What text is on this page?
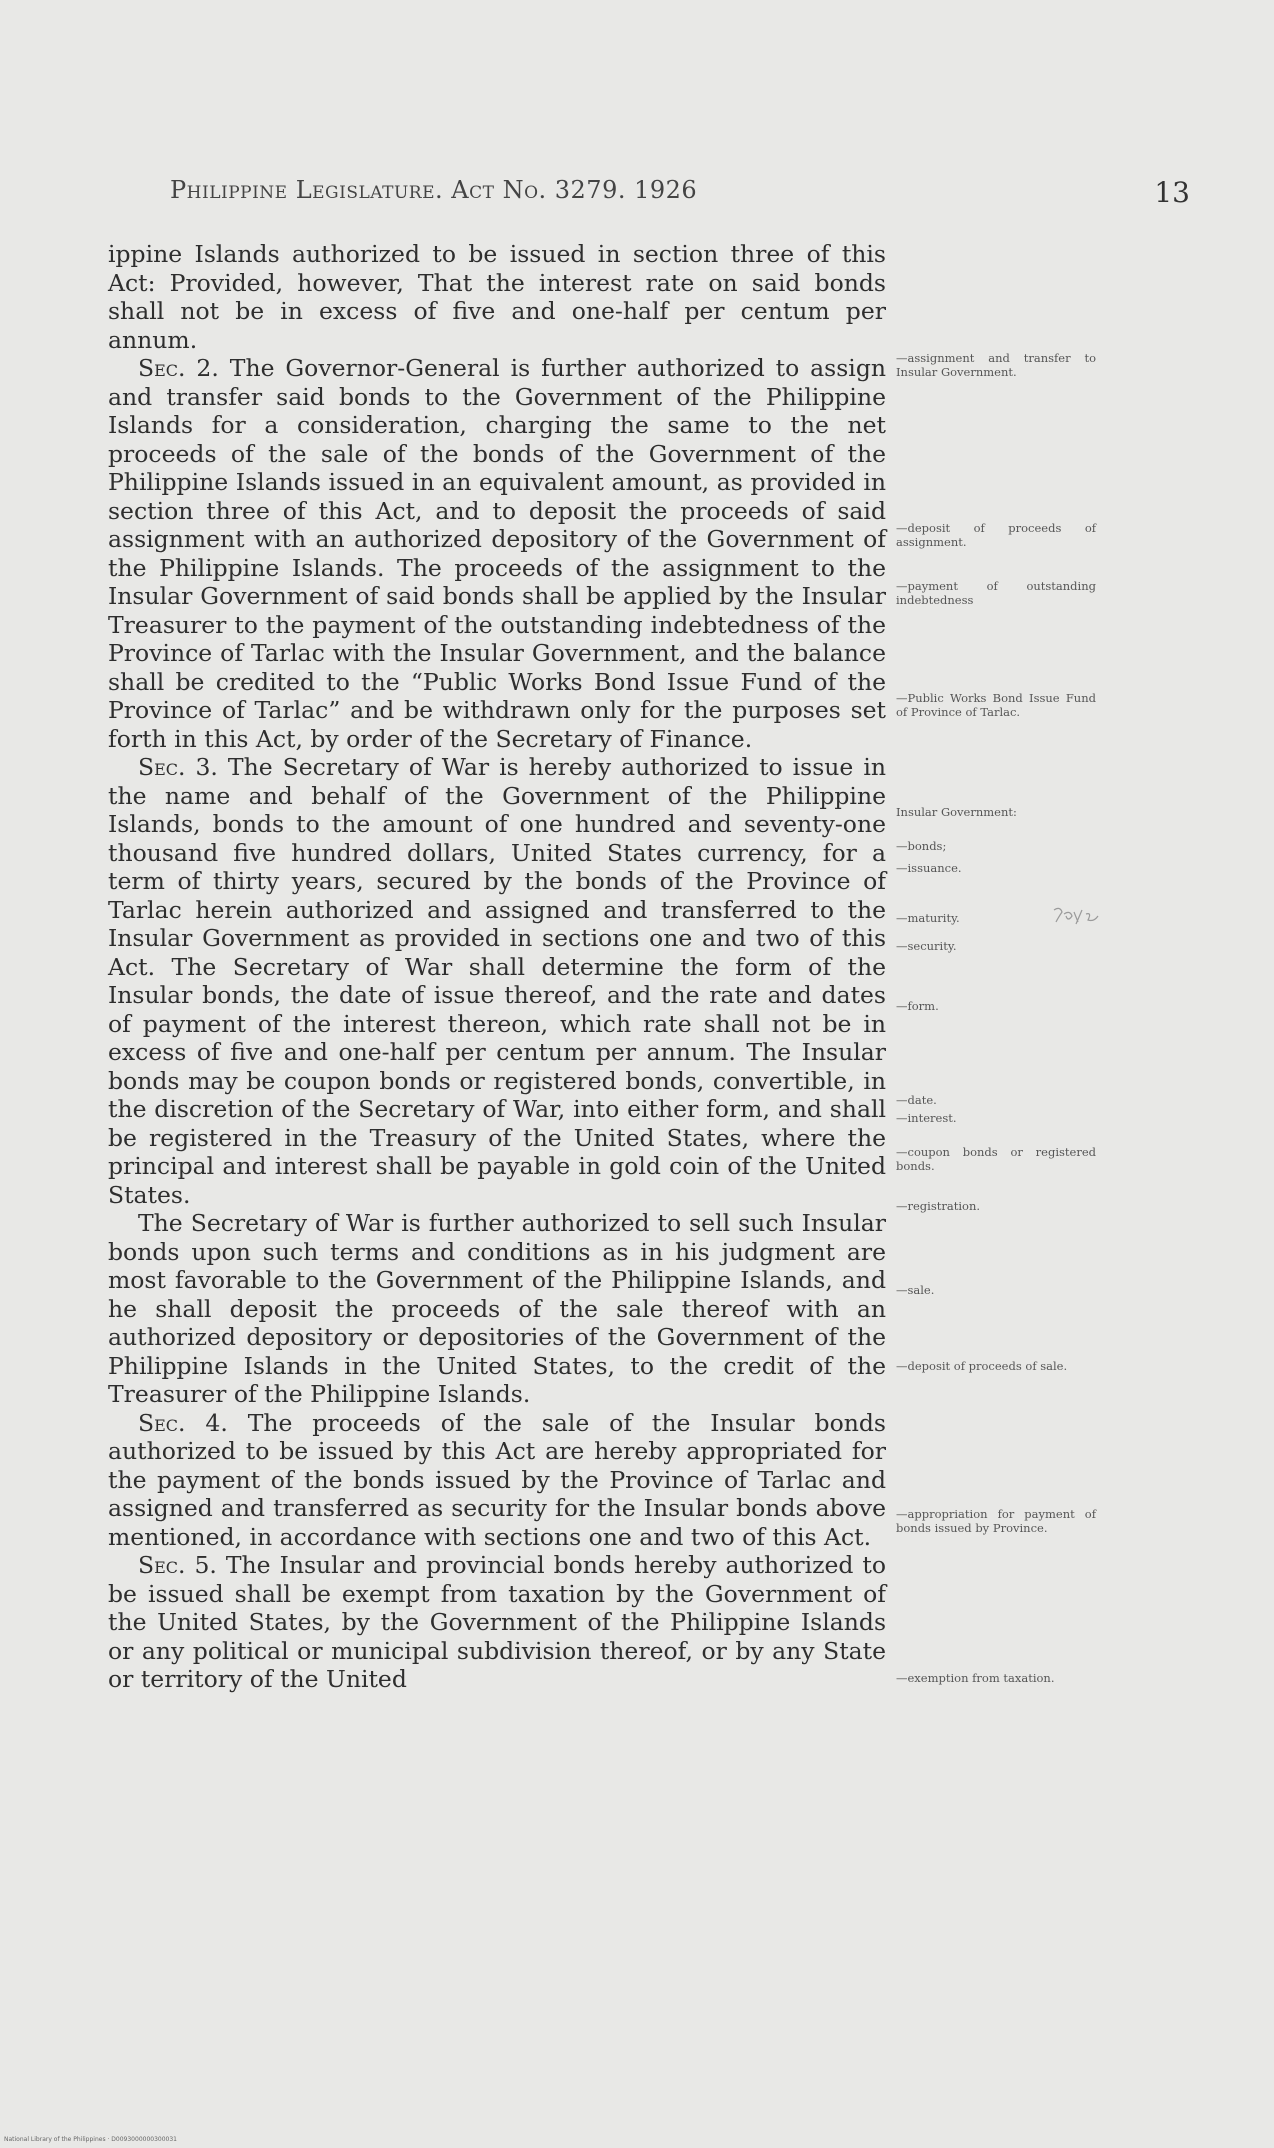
Philippine Legislature. Act No. 3279. 1926	13

ippine Islands authorized to be issued in section three of this Act: Provided, however, That the interest rate on said bonds shall not be in excess of five and one-half per centum per annum.

Sec. 2. The Governor-General is further authorized to assign and transfer said bonds to the Government of the Philippine Islands for a consideration, charging the same to the net proceeds of the sale of the bonds of the Government of the Philippine Islands issued in an equivalent amount, as provided in section three of this Act, and to deposit the proceeds of said assignment with an authorized depository of the Government of the Philippine Islands. The proceeds of the assignment to the Insular Government of said bonds shall be applied by the Insular Treasurer to the payment of the outstanding indebtedness of the Province of Tarlac with the Insular Government, and the balance shall be credited to the “Public Works Bond Issue Fund of the Province of Tarlac” and be withdrawn only for the purposes set forth in this Act, by order of the Secretary of Finance.

Sec. 3. The Secretary of War is hereby authorized to issue in the name and behalf of the Government of the Philippine Islands, bonds to the amount of one hundred and seventy-one thousand five hundred dollars, United States currency, for a term of thirty years, secured by the bonds of the Province of Tarlac herein authorized and assigned and transferred to the Insular Government as provided in sections one and two of this Act. The Secretary of War shall determine the form of the Insular bonds, the date of issue thereof, and the rate and dates of payment of the interest thereon, which rate shall not be in excess of five and one-half per centum per annum. The Insular bonds may be coupon bonds or registered bonds, convertible, in the discretion of the Secretary of War, into either form, and shall be registered in the Treasury of the United States, where the principal and interest shall be payable in gold coin of the United States.

The Secretary of War is further authorized to sell such Insular bonds upon such terms and conditions as in his judgment are most favorable to the Government of the Philippine Islands, and he shall deposit the proceeds of the sale thereof with an authorized depository or depositories of the Government of the Philippine Islands in the United States, to the credit of the Treasurer of the Philippine Islands.

Sec. 4. The proceeds of the sale of the Insular bonds authorized to be issued by this Act are hereby appropriated for the payment of the bonds issued by the Province of Tarlac and assigned and transferred as security for the Insular bonds above mentioned, in accordance with sections one and two of this Act.

Sec. 5. The Insular and provincial bonds hereby authorized to be issued shall be exempt from taxation by the Government of the United States, by the Government of the Philippine Islands or any political or municipal subdivision thereof, or by any State or territory of the United

—assignment and transfer to Insular Government.
—deposit of proceeds of assignment.
—payment of outstanding indebtedness
—Public Works Bond Issue Fund of Province of Tarlac.
Insular Government:
—bonds;
—issuance.
—maturity.
—security.
—form.
—date.
—interest.
—coupon bonds or registered bonds.
—registration.
—sale.
—deposit of proceeds of sale.
—appropriation for payment of bonds issued by Province.
—exemption from taxation.
National Library of the Philippines · D0093000000300031
